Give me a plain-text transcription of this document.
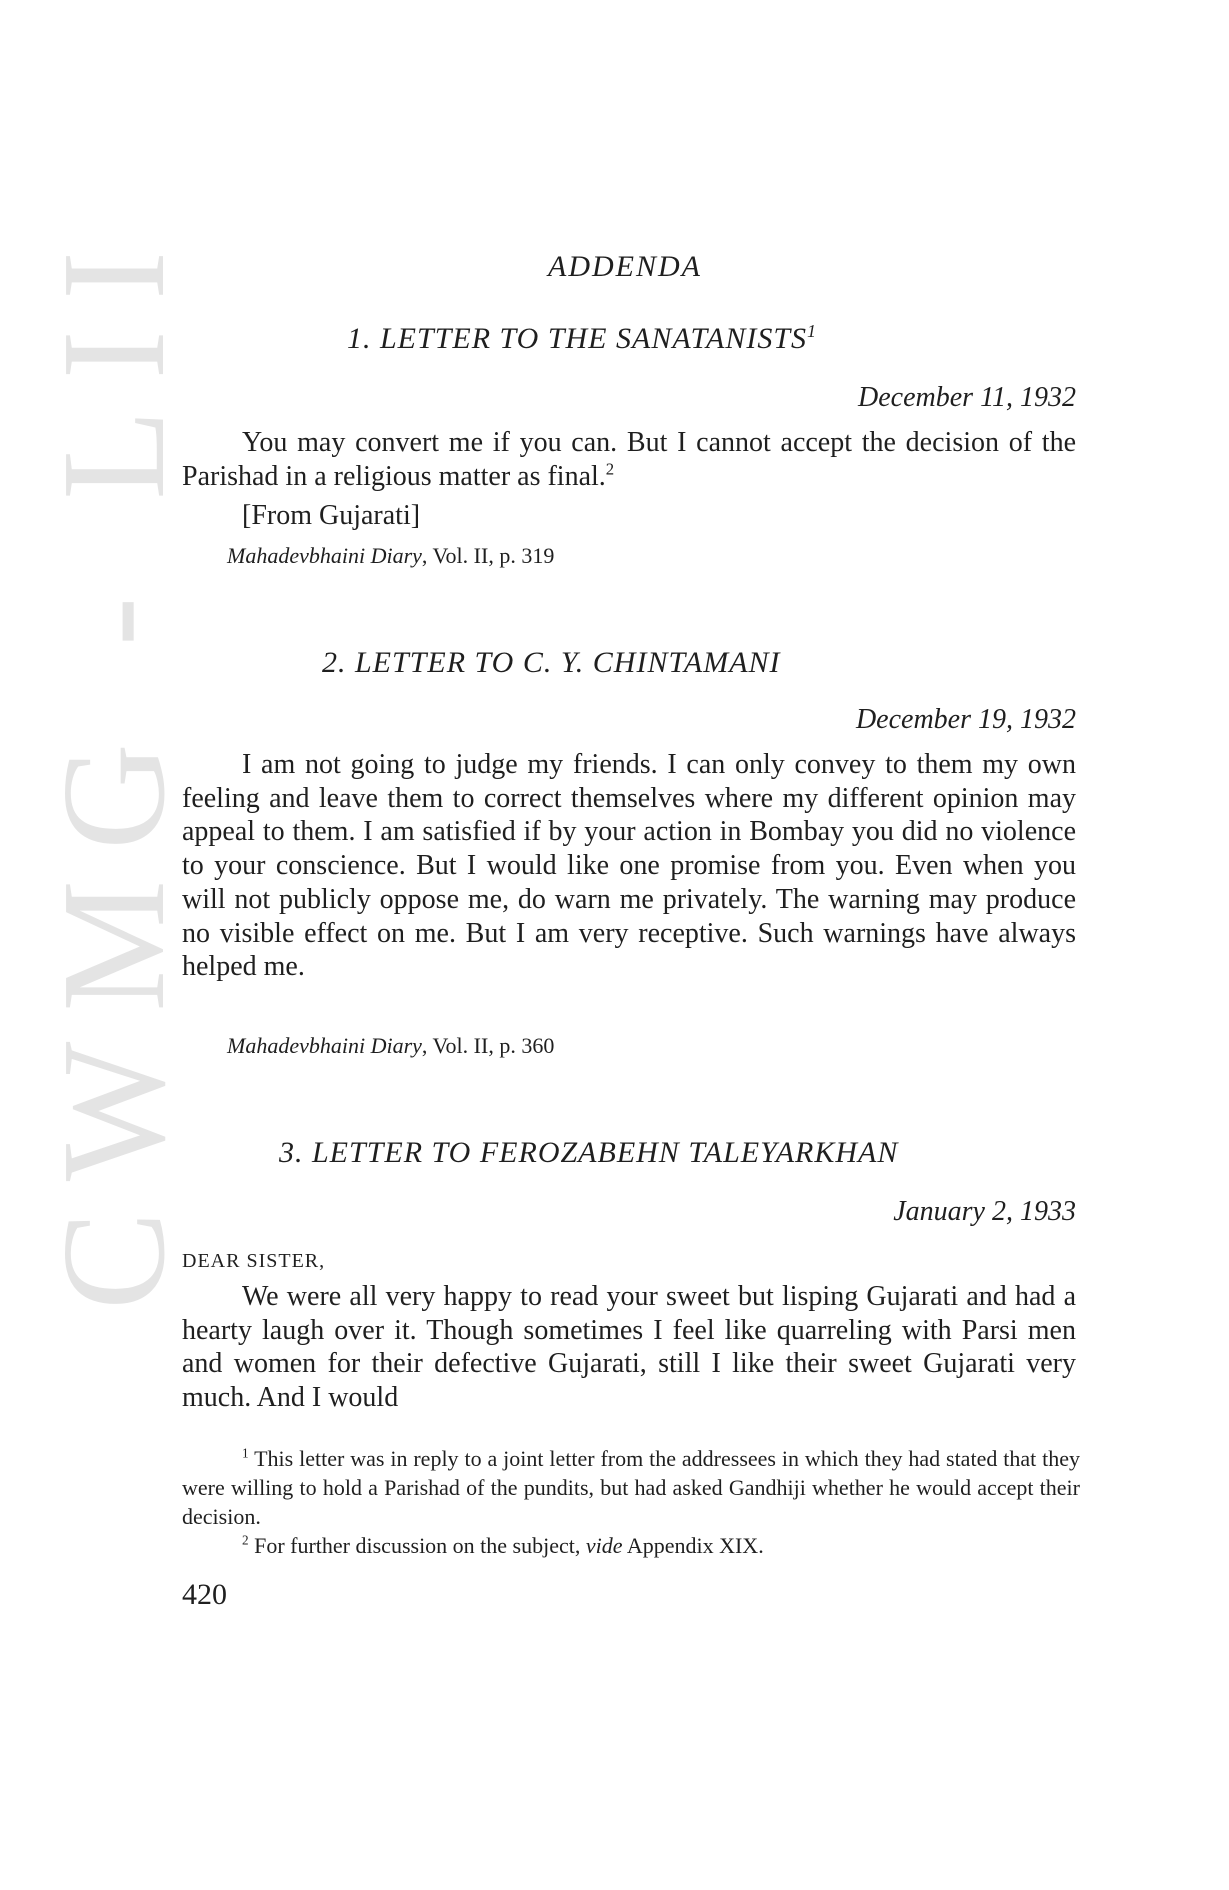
CWMG - LII	ADDENDA
1. LETTER TO THE SANATANISTS$^1$
December 11, 1932

You may convert me if you can. But I cannot accept the decision of the Parishad in a religious matter as final.$^2$

[From Gujarati]
Mahadevbhaini Diary, Vol. II, p. 319
2. LETTER TO C. Y. CHINTAMANI
December 19, 1932

I am not going to judge my friends. I can only convey to them my own feeling and leave them to correct themselves where my different opinion may appeal to them. I am satisfied if by your action in Bombay you did no violence to your conscience. But I would like one promise from you. Even when you will not publicly oppose me, do warn me privately. The warning may produce no visible effect on me. But I am very receptive. Such warnings have always helped me.

Mahadevbhaini Diary, Vol. II, p. 360
3. LETTER TO FEROZABEHN TALEYARKHAN
January 2, 1933
DEAR SISTER,

We were all very happy to read your sweet but lisping Gujarati and had a hearty laugh over it. Though sometimes I feel like quarreling with Parsi men and women for their defective Gujarati, still I like their sweet Gujarati very much. And I would

$^1$ This letter was in reply to a joint letter from the addressees in which they had stated that they were willing to hold a Parishad of the pundits, but had asked Gandhiji whether he would accept their decision.

$^2$ For further discussion on the subject, vide Appendix XIX.

420
